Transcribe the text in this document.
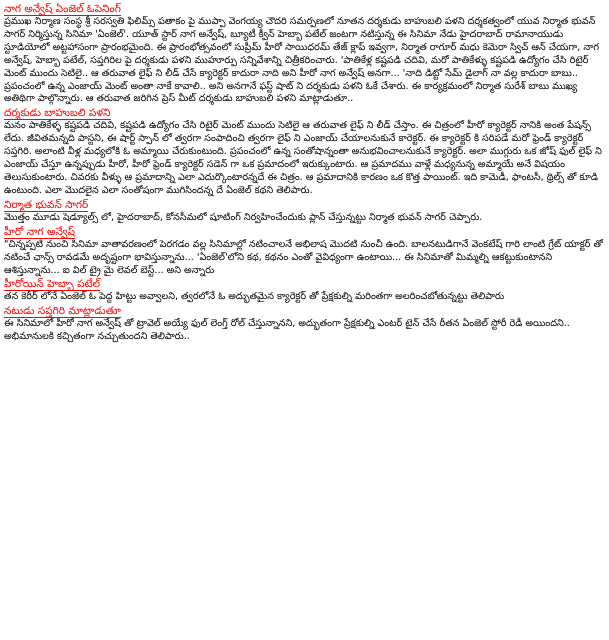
నాగ అన్వేష్ ఏంజెల్ ఓపెనింగ్

ప్రముఖ నిర్మాణ సంస్థ శ్రీ సరస్వతి ఫిలిమ్స్ పతాకం పై ముప్పా వెంగయ్య చౌదరి సమర్పణలో నూతన దర్శకుడు బాహుబలి పళని దర్శకత్వంలో యువ నిర్మాత భువన్ సాగర్ నిర్మిస్తున్న సినిమా 'ఏంజెల్'. యూత్ స్టార్ నాగ అన్వేష్, బ్యూటీ క్వీన్ హెబ్బా పటేల్ జంటగా నటిస్తున్న ఈ సినిమా నేడు హైదరాబాద్ రామానాయుడు స్టూడియోలో అట్టహాసంగా ప్రారంభమైంది. ఈ ప్రారంభోత్సవంలో సుప్రీమ్ హీరో సాయిధరమ్ తేజ్ క్లాప్ ఇవ్వగా, నిర్మాత రాగూర్ మధు కెమెరా స్విచ్ ఆన్ చేయగా, నాగ అన్వేష్, హెబ్బా పటేల్, సప్తగిరిల పై దర్శకుడు పళని ముహూర్పు సన్నివేశాన్ని చిత్రీకరించారు. 'పాతికేళ్ల కష్టపడి చదివి, మరో పాతికేళ్ళు కష్టపడి ఉద్యోగం చేసి రిటైర్ మెంట్ ముందు సెటిలై.. ఆ తరువాత లైఫ్ ని లీడ్ చేసే క్యారెక్టర్ కాదురా నాది అని హీరో నాగ అన్వేష్ అనగా... 'నాది డిట్టో సేమ్ డైలాగ్ నా వల్ల కాదురా బాబు.. ప్రపంచంలో ఉన్న ఎంజాయ్ మెంట్ అంతా నాకే కావాలి.. అని అనగానే ఫస్ట్ షాట్ ని దర్శకుడు పళని ఓకే చేశారు. ఈ కార్యక్రమంలో నిర్మాత సురేశ్ బాబు ముఖ్య అతిథిగా పాల్గొన్నారు. ఆ తరువాత జరిగిన ప్రెస్ మీట్ దర్శకుడు బాహుబలి పళని మాట్లాడుతూ..

దర్శకుడు బాహుబలి పళని

మనం పాతికేళ్ళ కష్టపడి చదివి, కష్టపడి ఉద్యోగం చేసి రిటైర్ మెంట్ ముందు సెటిలై ఆ తరువాత లైఫ్ ని లీడ్ చేస్తాం. ఈ చిత్రంలో హీరో క్యారెక్టర్ నానికి అంత పేషన్స్ లేదు. జీవితమన్నది పాస్టని, ఈ షార్ట్ స్పాన్ లో త్వరగా సంపాదించి త్వరగా లైఫ్ ని ఎంజాయ్ చేయాలనుకునే కారెక్టర్. ఈ క్యారెక్టర్ కి సరిపడే మరో ఫ్రెండ్ క్యారెక్టర్ సప్తగిరి. అలాంటి వీళ్ల మధ్యలోకి ఓ అమ్మాయి చేరుకుంటుంది. ప్రపంచంలో ఉన్న సంతోషాన్నంతా అనుభవించాలనుకునే క్యారెక్టర్. అలా ముగ్గురు ఒక జోష్ ఫుల్ లైఫ్ ని ఎంజాయ్ చేస్తూ ఉన్నప్పుడు హీరో, హీరో ఫ్రెండ్ క్యారెక్టర్ సడెన్ గా ఒక ప్రమాదంలో ఇరుక్కుంటారు. ఆ ప్రమాదము వాళ్లే మధ్యనున్న అమ్మాయే అనే విషయం తెలుసుకుంటారు. చివరకు వీళ్ళు ఆ ప్రమాదాన్ని ఎలా ఎదుర్కొంటారన్నదే ఈ చిత్రం. ఆ ప్రమాదానికి కారణం ఒక కొత్త పాయింట్. ఇది కామెడీ, ఫాంటసీ, థ్రిల్స్ తో కూడి ఉంటుంది. ఎలా మొదలైన ఎలా సంతోషంగా ముగిసిందన్న దే ఏంజెల్ కథని తెలిపారు.

నిర్మాత భువన్ సాగర్

మొత్తం మూడు షెడ్యూల్స్ లో, హైదరాబాద్, కోనసీమలో షూటింగ్ నిర్వహించేందుకు ప్లాన్ చేస్తున్నట్టు నిర్మాత భువన్ సాగర్ చెప్పారు.

హీరో నాగ అన్వేష్

"చిన్నప్పటి నుంచి సినిమా వాతావరణంలో పెరగడం వల్ల సినిమాల్లో నటించాలనే అభిలాష మొదటి నుంచీ ఉంది. బాలనటుడిగానే వెంకటేష్ గారి లాంటి గ్రేట్ యాక్టర్ తో నటించే ఛాన్స్ రావడమే అదృష్టంగా భావిస్తున్నాను... 'ఏంజెల్'లోని కథ, కథనం ఎంతో వైవిధ్యంగా ఉంటాయి... ఈ సినిమాతో మిమ్మల్ని ఆకట్టుకుంటానని ఆశిస్తున్నాను... ఐ విల్ ట్రై మై లెవల్ బెస్ట్... అని అన్నారు

హీరోయిన్ హెబ్బా పటేల్

తన కెరీర్ లోనే ఏంజెల్ ఓ పెద్ద హిట్టు అవ్వాలని, త్వరలోనే ఓ అద్భుతమైన క్యారెక్టర్ తో ప్రేక్షకుల్ని మరింతగా అలరించబోతున్నట్టు తెలిపారు

నటుడు సప్తగిరి మాట్లాడుతూ

ఈ సినిమాలో హీరో నాగ అన్వేష్ తో ట్రావెల్ అయ్యే ఫుల్ లెంగ్త్ రోల్ చేస్తున్నానని, అద్భుతంగా ప్రేక్షకుల్ని ఎంటర్ టైన్ చేసే రీతన ఏంజెల్ స్టోరీ రెడీ అయిందని.. అభిమానులకి కచ్చితంగా నచ్చుతుందని తెలిపారు..
